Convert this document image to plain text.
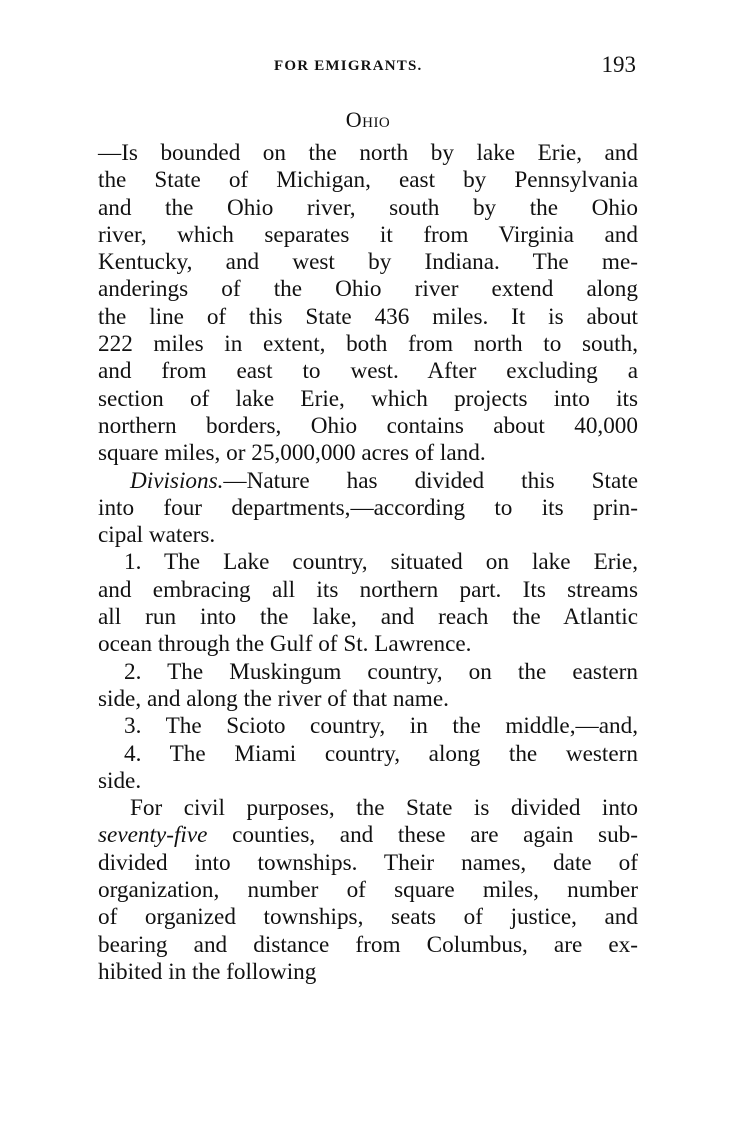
FOR EMIGRANTS.	193
Ohio
—Is bounded on the north by lake Erie, and
the State of Michigan, east by Pennsylvania
and the Ohio river, south by the Ohio
river, which separates it from Virginia and
Kentucky, and west by Indiana. The me-
anderings of the Ohio river extend along
the line of this State 436 miles. It is about
222 miles in extent, both from north to south,
and from east to west. After excluding a
section of lake Erie, which projects into its
northern borders, Ohio contains about 40,000
square miles, or 25,000,000 acres of land.
Divisions.—Nature has divided this State
into four departments,—according to its prin-
cipal waters.
1. The Lake country, situated on lake Erie,
and embracing all its northern part. Its streams
all run into the lake, and reach the Atlantic
ocean through the Gulf of St. Lawrence.
2. The Muskingum country, on the eastern
side, and along the river of that name.
3. The Scioto country, in the middle,—and,
4. The Miami country, along the western
side.
For civil purposes, the State is divided into
seventy-five counties, and these are again sub-
divided into townships. Their names, date of
organization, number of square miles, number
of organized townships, seats of justice, and
bearing and distance from Columbus, are ex-
hibited in the following
